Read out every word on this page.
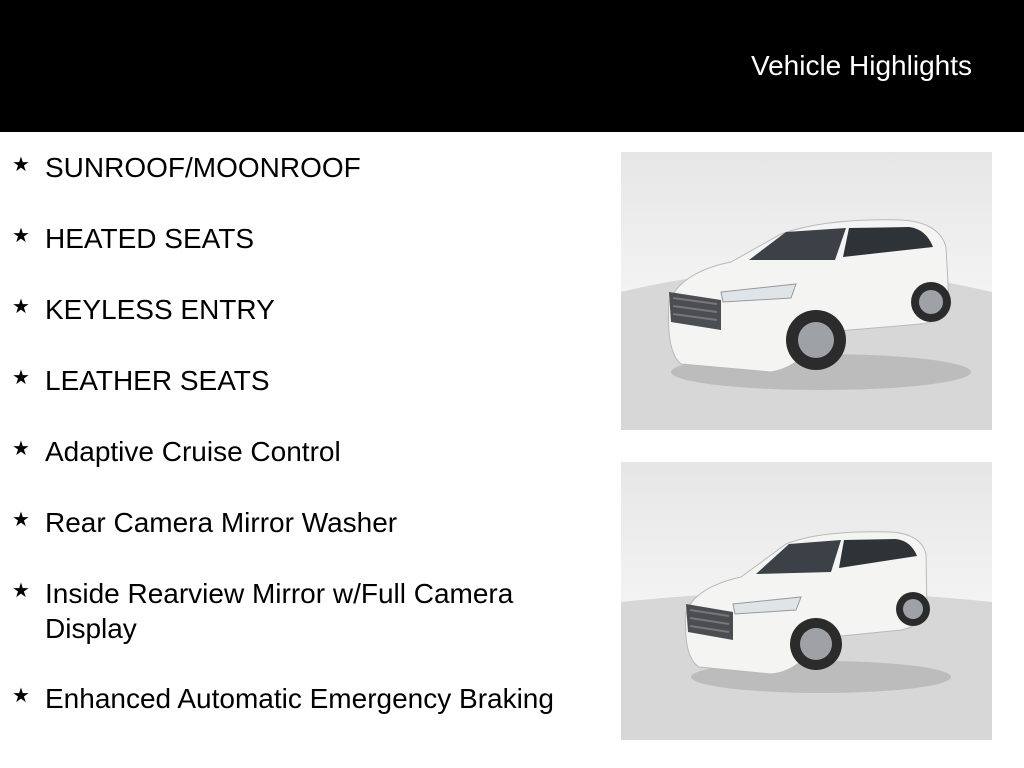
Vehicle Highlights
★ SUNROOF/MOONROOF
★ HEATED SEATS
★ KEYLESS ENTRY
★ LEATHER SEATS
★ Adaptive Cruise Control
★ Rear Camera Mirror Washer
★ Inside Rearview Mirror w/Full Camera Display
★ Enhanced Automatic Emergency Braking
